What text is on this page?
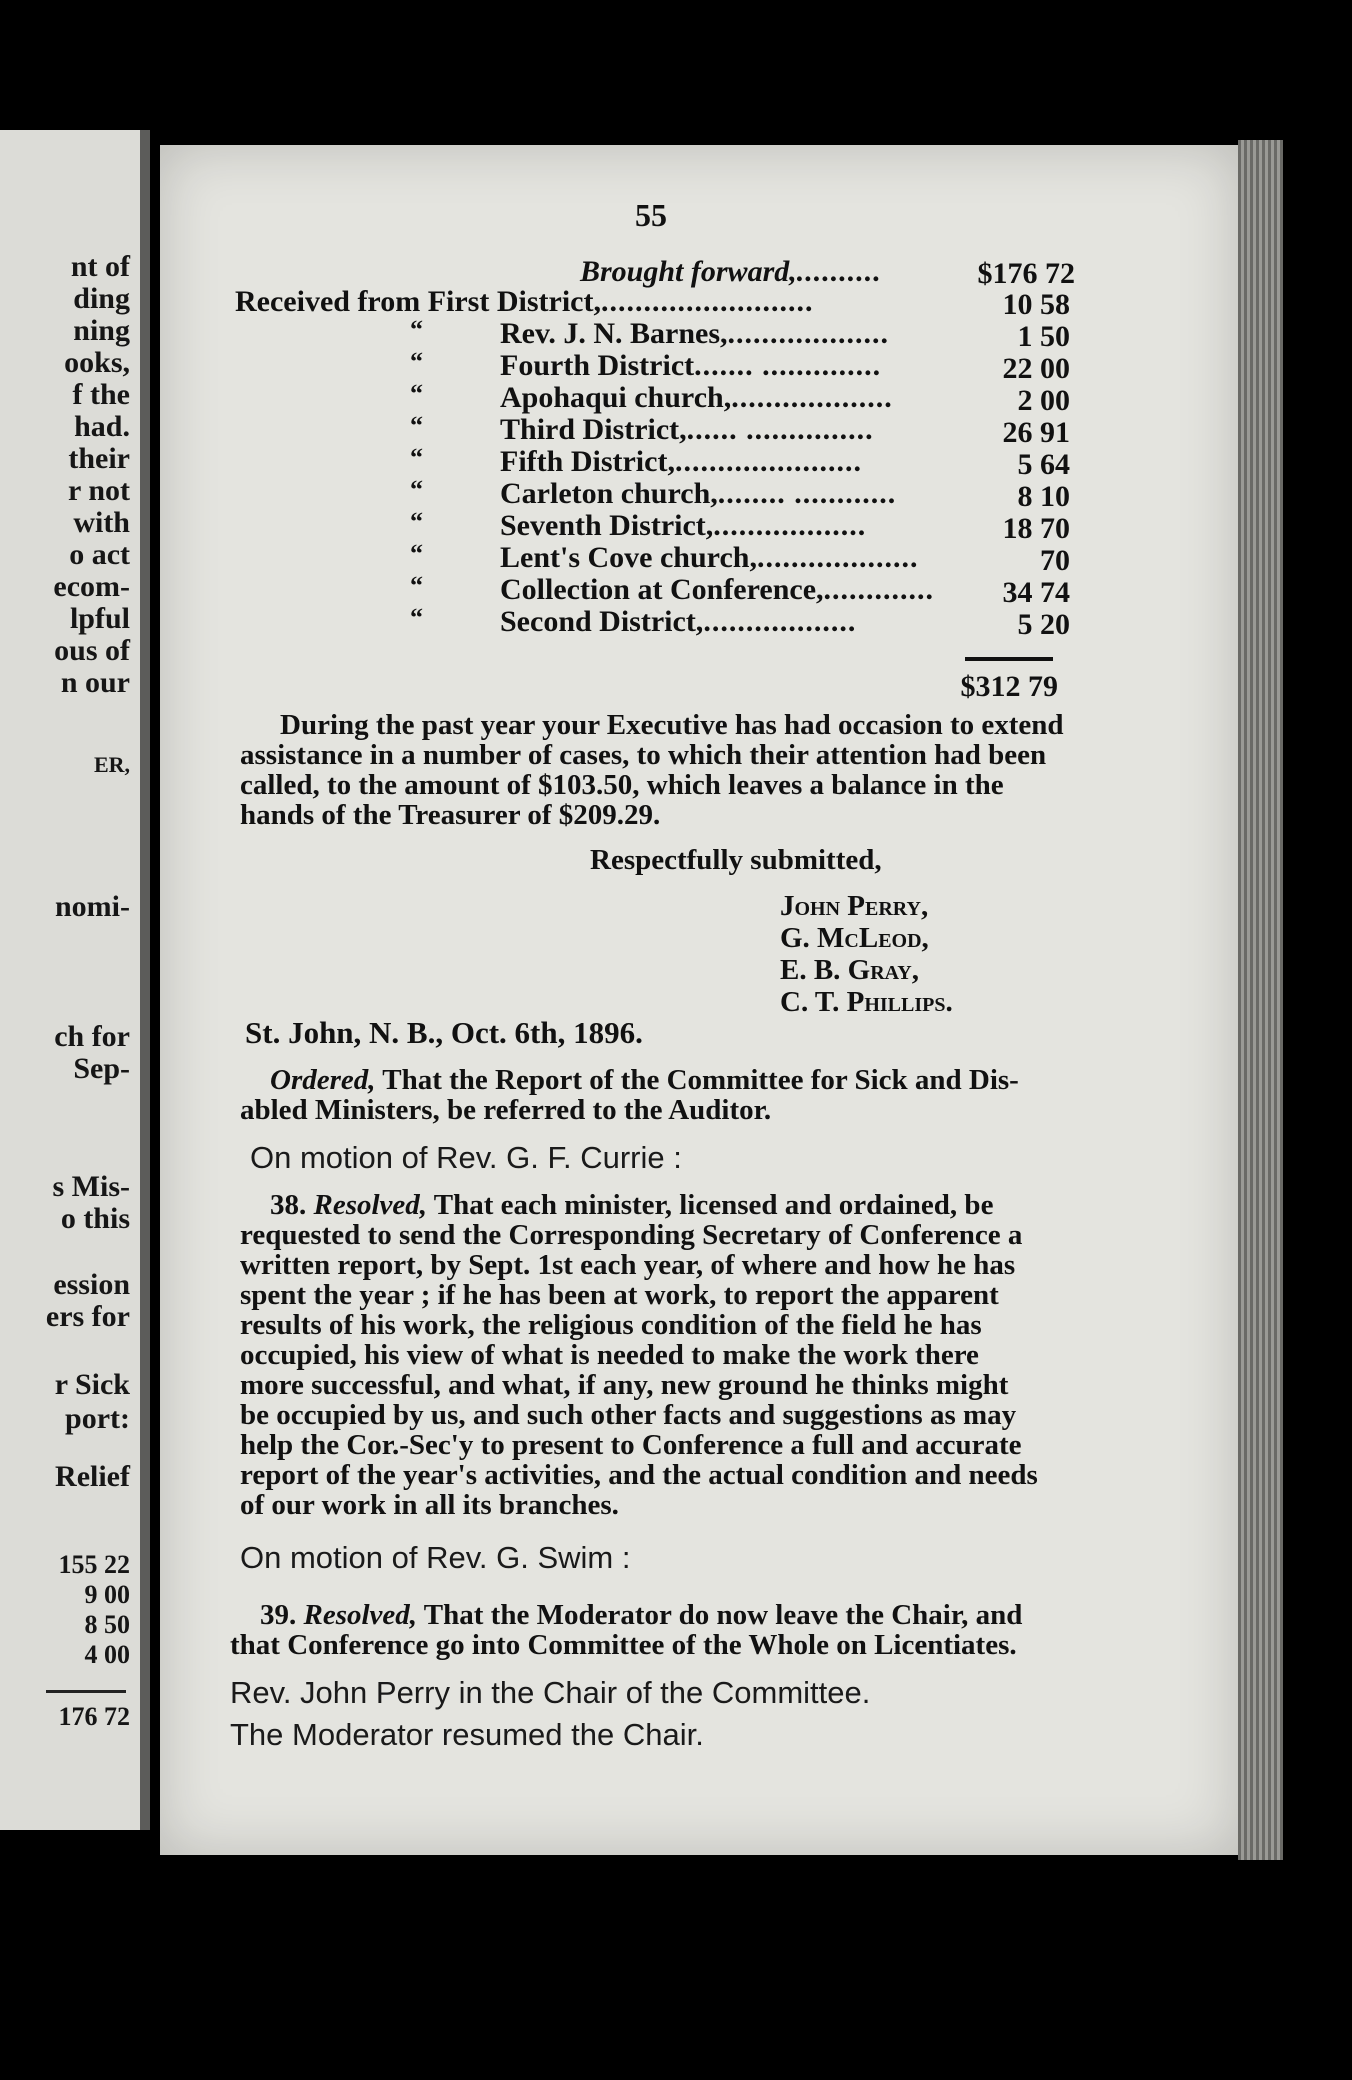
nt of
ding
ning
ooks,
f the
had.
their
r not
with
o act
ecom-
lpful
ous of
n our
ER,
nomi-
ch for
Sep-
s Mis-
o this
ession
ers for
r Sick
port:
Relief
155 22
9 00
8 50
4 00
176 72
55
Brought forward,..........	$176 72
Received from First District,.........................	10 58
“	Rev. J. N. Barnes,...................	1 50
“	Fourth District....... ..............	22 00
“	Apohaqui church,...................	2 00
“	Third District,...... ...............	26 91
“	Fifth District,......................	5 64
“	Carleton church,........ ............	8 10
“	Seventh District,..................	18 70
“	Lent's Cove church,...................	70
“	Collection at Conference,.............	34 74
“	Second District,..................	5 20
$312 79
During the past year your Executive has had occasion to extend
assistance in a number of cases, to which their attention had been
called, to the amount of $103.50, which leaves a balance in the
hands of the Treasurer of $209.29.
Respectfully submitted,
John Perry,
G. McLeod,
E. B. Gray,
C. T. Phillips.
St. John, N. B., Oct. 6th, 1896.
Ordered, That the Report of the Committee for Sick and Dis-
abled Ministers, be referred to the Auditor.
On motion of Rev. G. F. Currie :
38. Resolved, That each minister, licensed and ordained, be
requested to send the Corresponding Secretary of Conference a
written report, by Sept. 1st each year, of where and how he has
spent the year ; if he has been at work, to report the apparent
results of his work, the religious condition of the field he has
occupied, his view of what is needed to make the work there
more successful, and what, if any, new ground he thinks might
be occupied by us, and such other facts and suggestions as may
help the Cor.-Sec'y to present to Conference a full and accurate
report of the year's activities, and the actual condition and needs
of our work in all its branches.
On motion of Rev. G. Swim :
39. Resolved, That the Moderator do now leave the Chair, and
that Conference go into Committee of the Whole on Licentiates.
Rev. John Perry in the Chair of the Committee.
The Moderator resumed the Chair.
